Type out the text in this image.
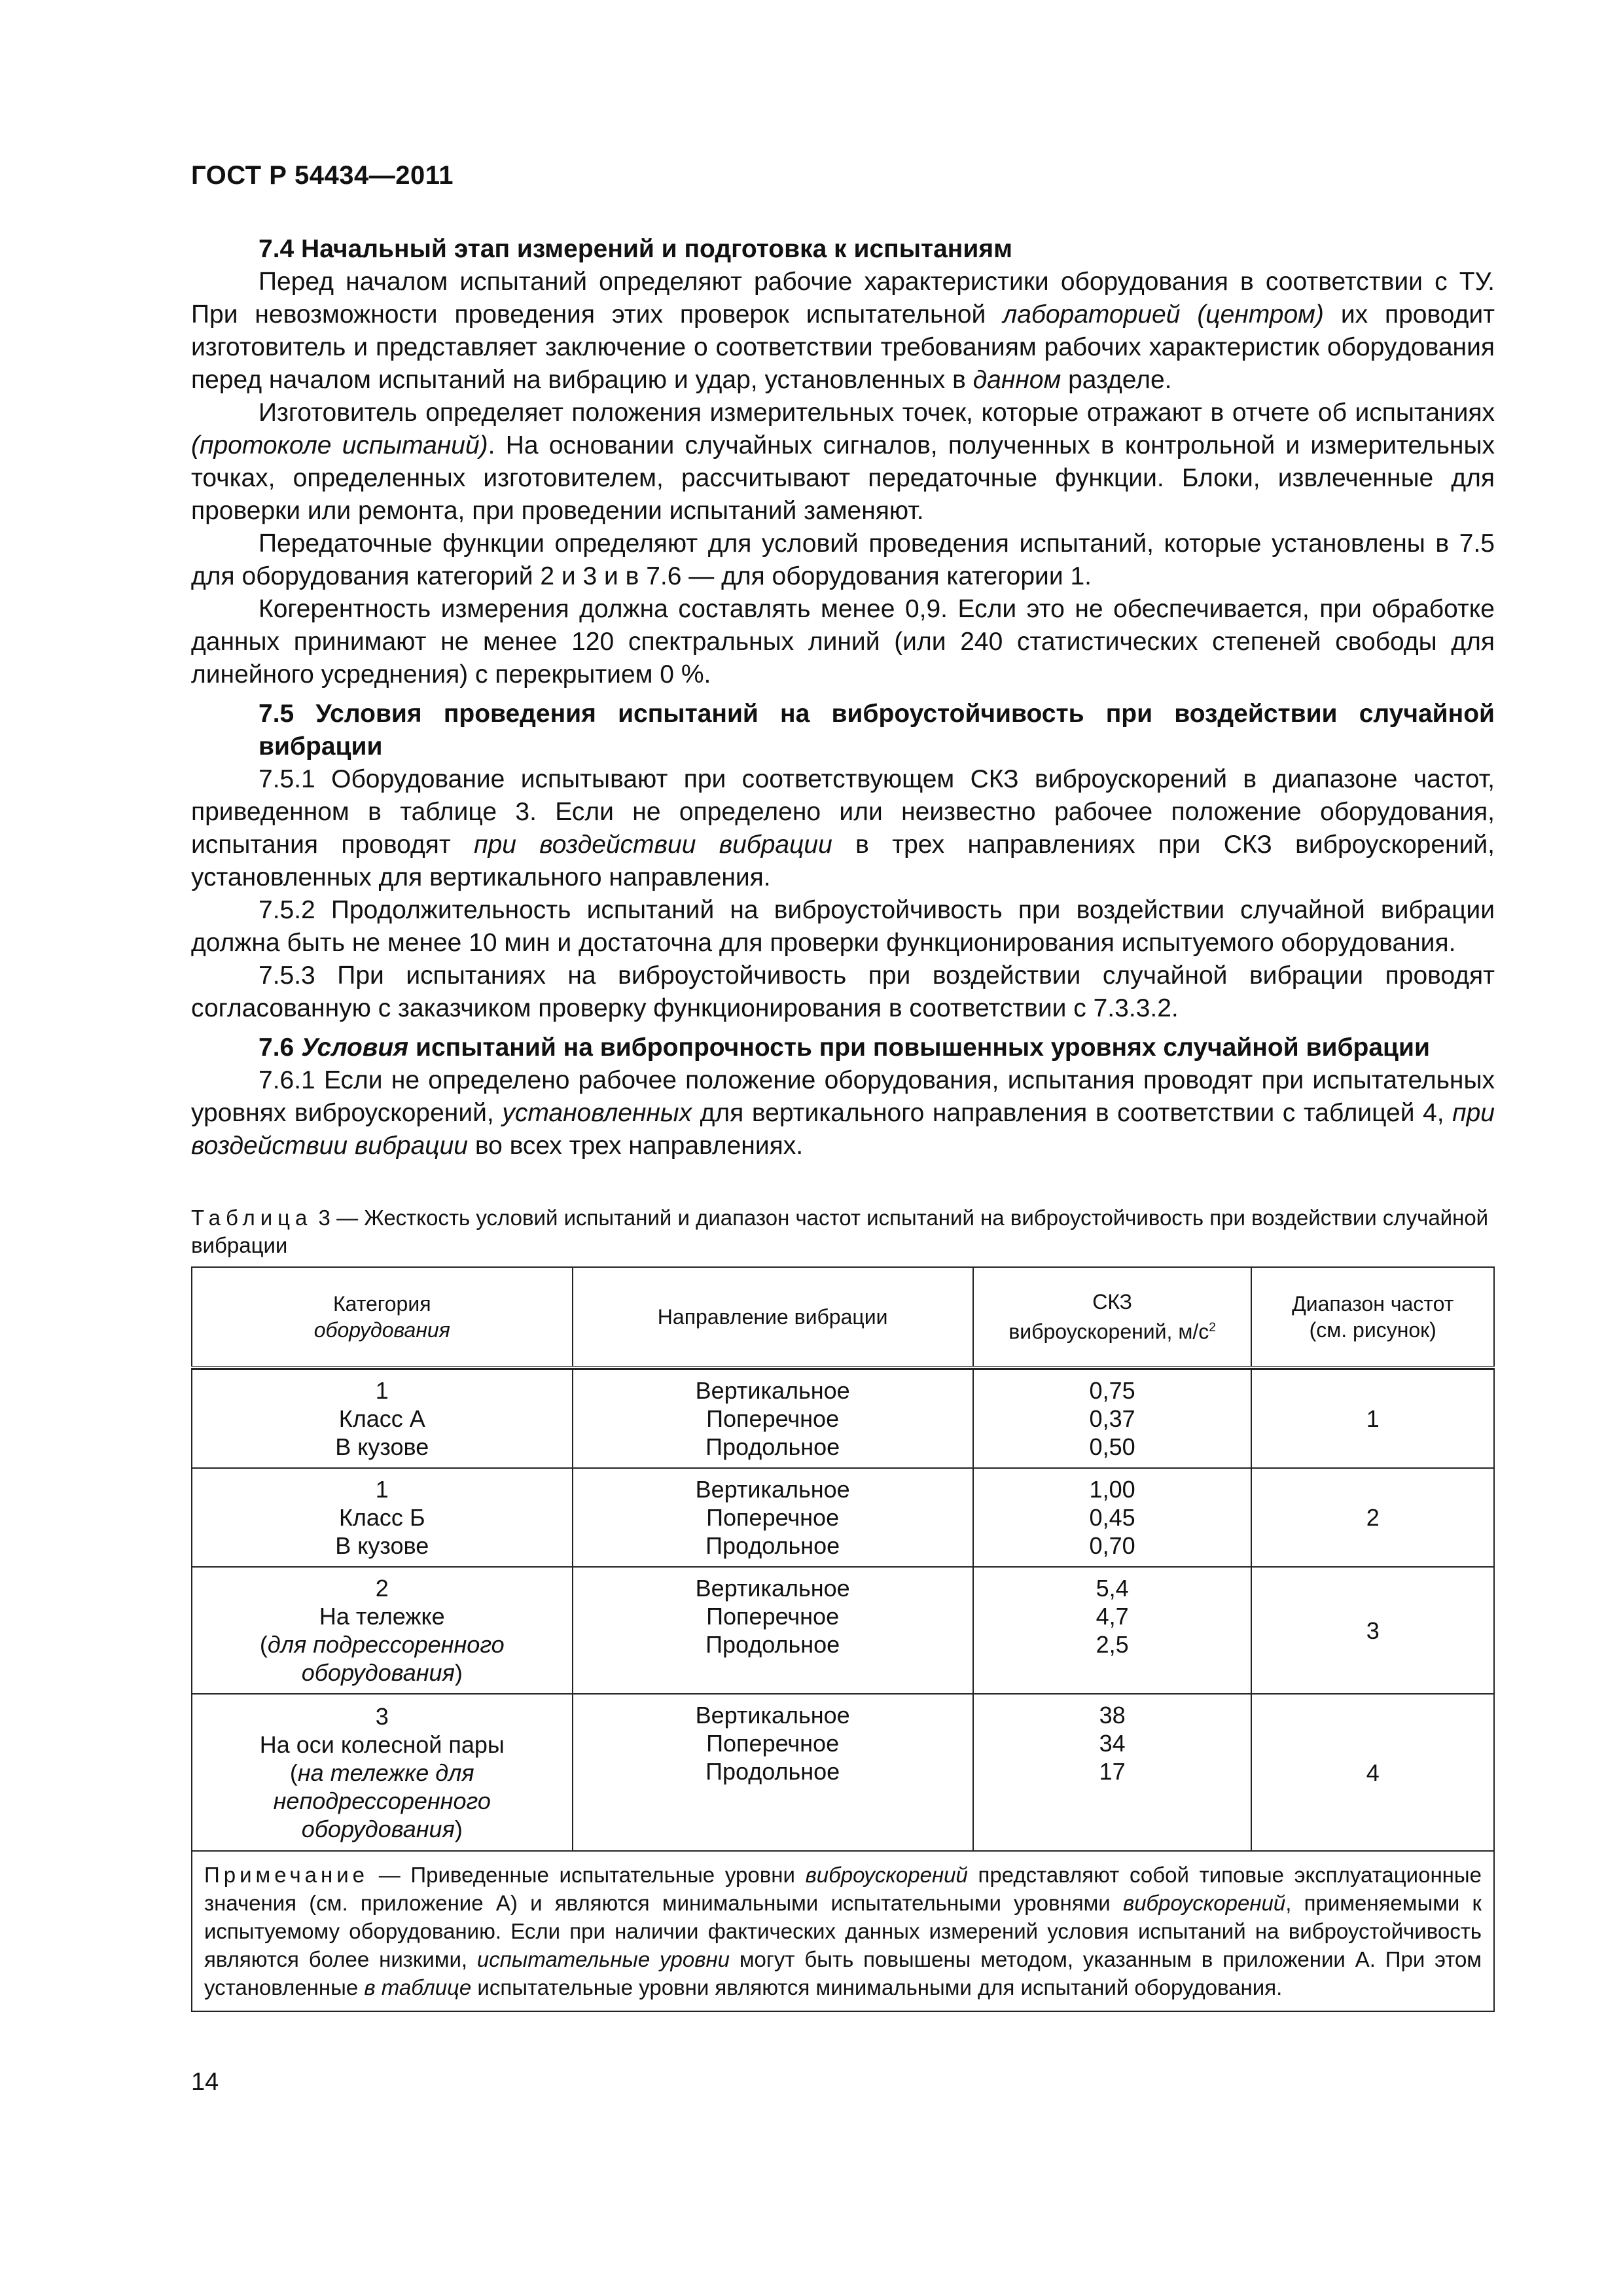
ГОСТ Р 54434—2011

7.4 Начальный этап измерений и подготовка к испытаниям

Перед началом испытаний определяют рабочие характеристики оборудования в соответствии с ТУ. При невозможности проведения этих проверок испытательной лабораторией (центром) их проводит изготовитель и представляет заключение о соответствии требованиям рабочих характеристик оборудования перед началом испытаний на вибрацию и удар, установленных в данном разделе.

Изготовитель определяет положения измерительных точек, которые отражают в отчете об испытаниях (протоколе испытаний). На основании случайных сигналов, полученных в контрольной и измерительных точках, определенных изготовителем, рассчитывают передаточные функции. Блоки, извлеченные для проверки или ремонта, при проведении испытаний заменяют.

Передаточные функции определяют для условий проведения испытаний, которые установлены в 7.5 для оборудования категорий 2 и 3 и в 7.6 — для оборудования категории 1.

Когерентность измерения должна составлять менее 0,9. Если это не обеспечивается, при обработке данных принимают не менее 120 спектральных линий (или 240 статистических степеней свободы для линейного усреднения) с перекрытием 0 %.

7.5 Условия проведения испытаний на виброустойчивость при воздействии случайной вибрации

7.5.1 Оборудование испытывают при соответствующем СКЗ виброускорений в диапазоне частот, приведенном в таблице 3. Если не определено или неизвестно рабочее положение оборудования, испытания проводят при воздействии вибрации в трех направлениях при СКЗ виброускорений, установленных для вертикального направления.

7.5.2 Продолжительность испытаний на виброустойчивость при воздействии случайной вибрации должна быть не менее 10 мин и достаточна для проверки функционирования испытуемого оборудования.

7.5.3 При испытаниях на виброустойчивость при воздействии случайной вибрации проводят согласованную с заказчиком проверку функционирования в соответствии с 7.3.3.2.

7.6 Условия испытаний на вибропрочность при повышенных уровнях случайной вибрации

7.6.1 Если не определено рабочее положение оборудования, испытания проводят при испытательных уровнях виброускорений, установленных для вертикального направления в соответствии с таблицей 4, при воздействии вибрации во всех трех направлениях.

Таблица 3 — Жесткость условий испытаний и диапазон частот испытаний на виброустойчивость при воздействии случайной вибрации
Категория
оборудования	Направление вибрации	СКЗ
виброускорений, $м/с^2$	Диапазон частот
(см. рисунок)

1
Класс А
В кузове	Вертикальное
Поперечное
Продольное	0,75
0,37
0,50	1
1
Класс Б
В кузове	Вертикальное
Поперечное
Продольное	1,00
0,45
0,70	2
2
На тележке
(для подрессоренного оборудования)	Вертикальное
Поперечное
Продольное	5,4
4,7
2,5	3
3
На оси колесной пары
(на тележке для неподрессоренного оборудования)	Вертикальное
Поперечное
Продольное	38
34
17	4
Примечание — Приведенные испытательные уровни виброускорений представляют собой типовые эксплуатационные значения (см. приложение А) и являются минимальными испытательными уровнями виброускорений, применяемыми к испытуемому оборудованию. Если при наличии фактических данных измерений условия испытаний на виброустойчивость являются более низкими, испытательные уровни могут быть повышены методом, указанным в приложении А. При этом установленные в таблице испытательные уровни являются минимальными для испытаний оборудования.			
14
